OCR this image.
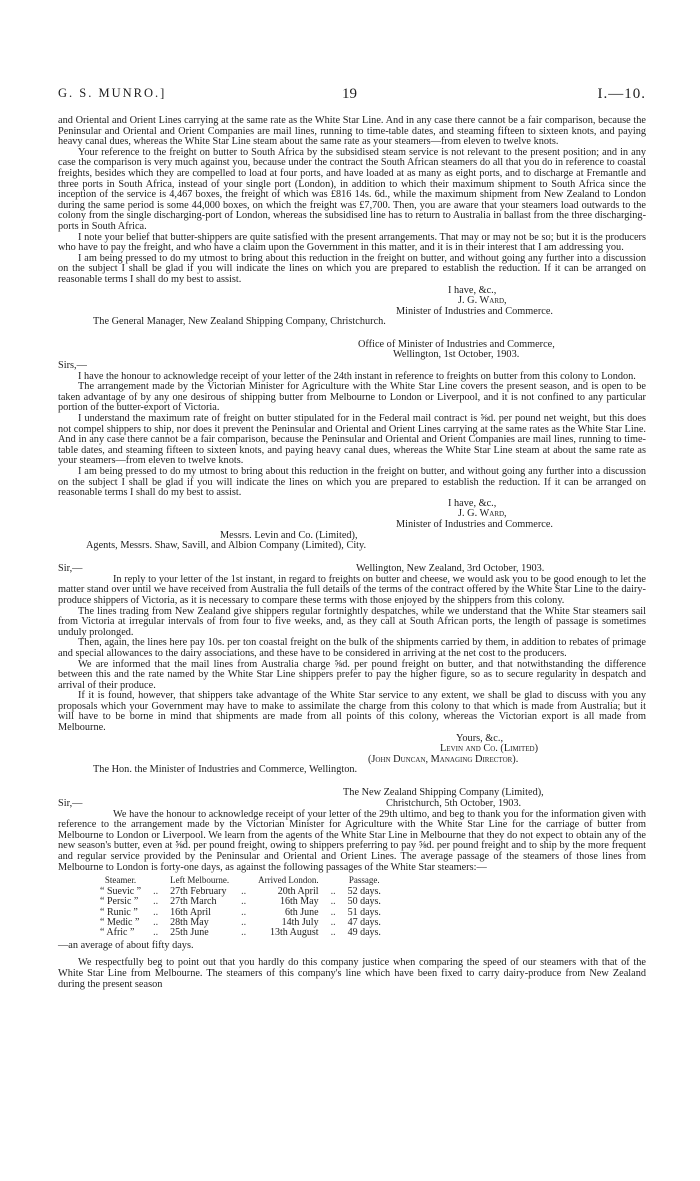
G. S. MUNRO.]	19	I.—10.

and Oriental and Orient Lines carrying at the same rate as the White Star Line. And in any case there cannot be a fair comparison, because the Peninsular and Oriental and Orient Companies are mail lines, running to time-table dates, and steaming fifteen to sixteen knots, and paying heavy canal dues, whereas the White Star Line steam about the same rate as your steamers—from eleven to twelve knots.

Your reference to the freight on butter to South Africa by the subsidised steam service is not relevant to the present position; and in any case the comparison is very much against you, because under the contract the South African steamers do all that you do in reference to coastal freights, besides which they are compelled to load at four ports, and have loaded at as many as eight ports, and to discharge at Fremantle and three ports in South Africa, instead of your single port (London), in addition to which their maximum shipment to South Africa since the inception of the service is 4,467 boxes, the freight of which was £816 14s. 6d., while the maximum shipment from New Zealand to London during the same period is some 44,000 boxes, on which the freight was £7,700. Then, you are aware that your steamers load outwards to the colony from the single discharging-port of London, whereas the subsidised line has to return to Australia in ballast from the three discharging-ports in South Africa.

I note your belief that butter-shippers are quite satisfied with the present arrangements. That may or may not be so; but it is the producers who have to pay the freight, and who have a claim upon the Government in this matter, and it is in their interest that I am addressing you.

I am being pressed to do my utmost to bring about this reduction in the freight on butter, and without going any further into a discussion on the subject I shall be glad if you will indicate the lines on which you are prepared to establish the reduction. If it can be arranged on reasonable terms I shall do my best to assist.

I have, &c.,

J. G. Ward,

Minister of Industries and Commerce.

The General Manager, New Zealand Shipping Company, Christchurch.

Office of Minister of Industries and Commerce,

Wellington, 1st October, 1903.

Sirs,—

I have the honour to acknowledge receipt of your letter of the 24th instant in reference to freights on butter from this colony to London.

The arrangement made by the Victorian Minister for Agriculture with the White Star Line covers the present season, and is open to be taken advantage of by any one desirous of shipping butter from Melbourne to London or Liverpool, and it is not confined to any particular portion of the butter-export of Victoria.

I understand the maximum rate of freight on butter stipulated for in the Federal mail contract is ⅝d. per pound net weight, but this does not compel shippers to ship, nor does it prevent the Peninsular and Oriental and Orient Lines carrying at the same rates as the White Star Line. And in any case there cannot be a fair comparison, because the Peninsular and Oriental and Orient Companies are mail lines, running to time-table dates, and steaming fifteen to sixteen knots, and paying heavy canal dues, whereas the White Star Line steam at about the same rate as your steamers—from eleven to twelve knots.

I am being pressed to do my utmost to bring about this reduction in the freight on butter, and without going any further into a discussion on the subject I shall be glad if you will indicate the lines on which you are prepared to establish the reduction. If it can be arranged on reasonable terms I shall do my best to assist.

I have, &c.,

J. G. Ward,

Minister of Industries and Commerce.

Messrs. Levin and Co. (Limited),

Agents, Messrs. Shaw, Savill, and Albion Company (Limited), City.

Sir,—	Wellington, New Zealand, 3rd October, 1903.

In reply to your letter of the 1st instant, in regard to freights on butter and cheese, we would ask you to be good enough to let the matter stand over until we have received from Australia the full details of the terms of the contract offered by the White Star Line to the dairy-produce shippers of Victoria, as it is necessary to compare these terms with those enjoyed by the shippers from this colony.

The lines trading from New Zealand give shippers regular fortnightly despatches, while we understand that the White Star steamers sail from Victoria at irregular intervals of from four to five weeks, and, as they call at South African ports, the length of passage is sometimes unduly prolonged.

Then, again, the lines here pay 10s. per ton coastal freight on the bulk of the shipments carried by them, in addition to rebates of primage and special allowances to the dairy associations, and these have to be considered in arriving at the net cost to the producers.

We are informed that the mail lines from Australia charge ⅝d. per pound freight on butter, and that notwithstanding the difference between this and the rate named by the White Star Line shippers prefer to pay the higher figure, so as to secure regularity in despatch and arrival of their produce.

If it is found, however, that shippers take advantage of the White Star service to any extent, we shall be glad to discuss with you any proposals which your Government may have to make to assimilate the charge from this colony to that which is made from Australia; but it will have to be borne in mind that shipments are made from all points of this colony, whereas the Victorian export is all made from Melbourne.

Yours, &c.,

Levin and Co. (Limited)

(John Duncan, Managing Director).

The Hon. the Minister of Industries and Commerce, Wellington.

The New Zealand Shipping Company (Limited),

Sir,—	Christchurch, 5th October, 1903.

We have the honour to acknowledge receipt of your letter of the 29th ultimo, and beg to thank you for the information given with reference to the arrangement made by the Victorian Minister for Agriculture with the White Star Line for the carriage of butter from Melbourne to London or Liverpool. We learn from the agents of the White Star Line in Melbourne that they do not expect to obtain any of the new season's butter, even at ⅝d. per pound freight, owing to shippers preferring to pay ⅝d. per pound freight and to ship by the more frequent and regular service provided by the Peninsular and Oriental and Orient Lines. The average passage of the steamers of those lines from Melbourne to London is forty-one days, as against the following passages of the White Star steamers:—

Steamer.		Left Melbourne.		Arrived London.		Passage.
“ Suevic ”	..	27th February	..	20th April	..	52 days.
“ Persic ”	..	27th March	..	16th May	..	50 days.
“ Runic ”	..	16th April	..	6th June	..	51 days.
“ Medic ”	..	28th May	..	14th July	..	47 days.
“ Afric ”	..	25th June	..	13th August	..	49 days.

—an average of about fifty days.

We respectfully beg to point out that you hardly do this company justice when comparing the speed of our steamers with that of the White Star Line from Melbourne. The steamers of this company's line which have been fixed to carry dairy-produce from New Zealand during the present season
